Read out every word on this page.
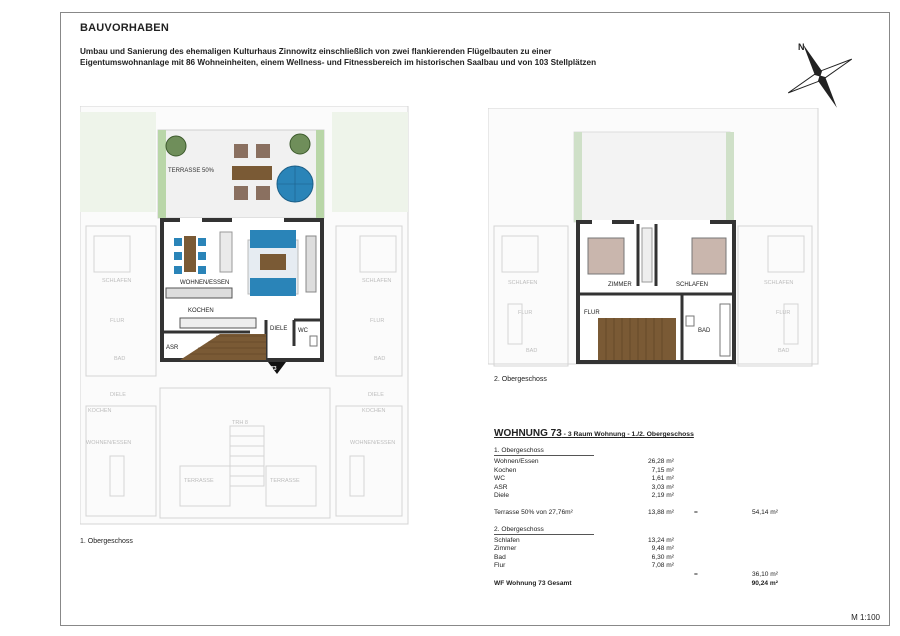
BAUVORHABEN
Umbau und Sanierung des ehemaligen Kulturhaus Zinnowitz einschließlich von zwei flankierenden Flügelbauten zu einer
Eigentumswohnanlage mit 86 Wohneinheiten, einem Wellness- und Fitnessbereich im historischen Saalbau und von 103 Stellplätzen
N
SCHLAFEN	SCHLAFEN
FLUR	FLUR
BAD	BAD
DIELE	DIELE
KOCHEN	KOCHEN
WOHNEN/ESSEN	WOHNEN/ESSEN
TRH 8
TERRASSE	TERRASSE
TERRASSE 50%
WOHNEN/ESSEN
KOCHEN
ASR
DIELE WC
73
1. Obergeschoss
SCHLAFEN	SCHLAFEN
FLUR	FLUR
BAD	BAD
ZIMMER	SCHLAFEN
FLUR
BAD
2. Obergeschoss
WOHNUNG 73 - 3 Raum Wohnung - 1./2. Obergeschoss
1. Obergeschoss
Wohnen/Essen	26,28 m²
Kochen	7,15 m²
WC	1,61 m²
ASR	3,03 m²
Diele	2,19 m²
Terrasse 50% von 27,76m²	13,88 m²	=	54,14 m²
2. Obergeschoss
Schlafen	13,24 m²
Zimmer	9,48 m²
Bad	6,30 m²
Flur	7,08 m²
=	36,10 m²
WF Wohnung 73 Gesamt	90,24 m²
M 1:100
